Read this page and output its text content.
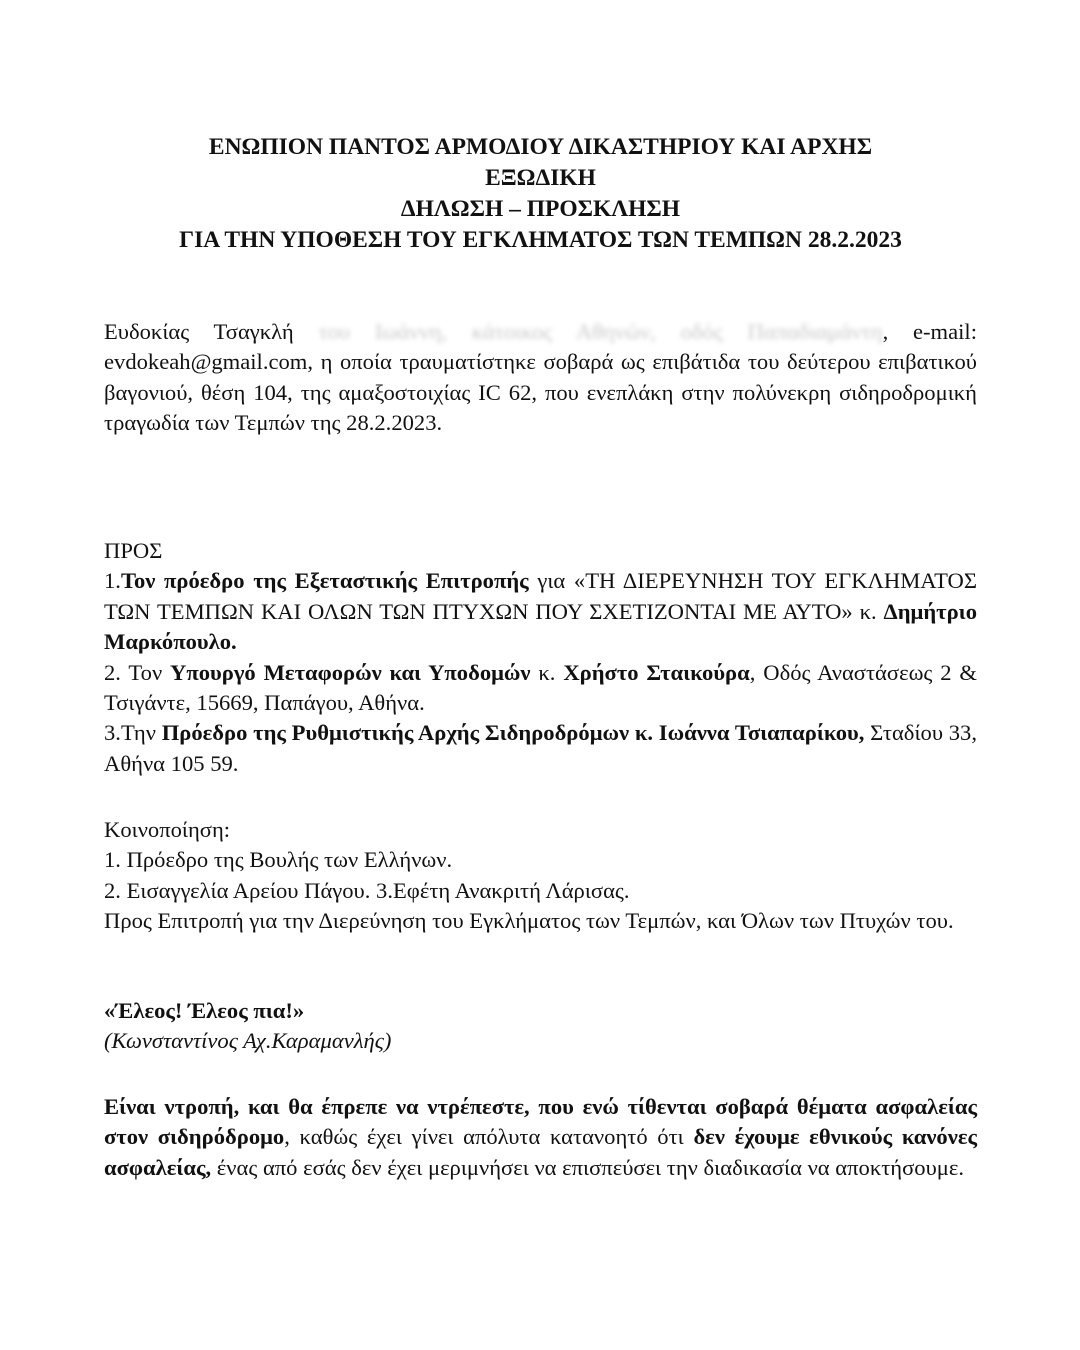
ΕΝΩΠΙΟΝ ΠΑΝΤΟΣ ΑΡΜΟΔΙΟΥ ΔΙΚΑΣΤΗΡΙΟΥ ΚΑΙ ΑΡΧΗΣ
ΕΞΩΔΙΚΗ
ΔΗΛΩΣΗ – ΠΡΟΣΚΛΗΣΗ
ΓΙΑ ΤΗΝ ΥΠΟΘΕΣΗ ΤΟΥ ΕΓΚΛΗΜΑΤΟΣ ΤΩΝ ΤΕΜΠΩΝ 28.2.2023

Ευδοκίας Τσαγκλή του Ιωάννη, κάτοικος Αθηνών, οδός Παπαδιαμάντη, e-mail: evdokeah@gmail.com, η οποία τραυματίστηκε σοβαρά ως επιβάτιδα του δεύτερου επιβατικού βαγονιού, θέση 104, της αμαξοστοιχίας IC 62, που ενεπλάκη στην πολύνεκρη σιδηροδρομική τραγωδία των Τεμπών της 28.2.2023.

ΠΡΟΣ

1.Τον πρόεδρο της Εξεταστικής Επιτροπής για «ΤΗ ΔΙΕΡΕΥΝΗΣΗ ΤΟΥ ΕΓΚΛΗΜΑΤΟΣ ΤΩΝ ΤΕΜΠΩΝ ΚΑΙ ΟΛΩΝ ΤΩΝ ΠΤΥΧΩΝ ΠΟΥ ΣΧΕΤΙΖΟΝΤΑΙ ΜΕ ΑΥΤΟ» κ. Δημήτριο Μαρκόπουλο.

2. Τον Υπουργό Μεταφορών και Υποδομών κ. Χρήστο Σταικούρα, Οδός Αναστάσεως 2 & Τσιγάντε, 15669, Παπάγου, Αθήνα.

3.Την Πρόεδρο της Ρυθμιστικής Αρχής Σιδηροδρόμων κ. Ιωάννα Τσιαπαρίκου, Σταδίου 33, Αθήνα 105 59.

Κοινοποίηση:

1. Πρόεδρο της Βουλής των Ελλήνων.

2. Εισαγγελία Αρείου Πάγου. 3.Εφέτη Ανακριτή Λάρισας.

Προς Επιτροπή για την Διερεύνηση του Εγκλήματος των Τεμπών, και Όλων των Πτυχών του.

«Έλεος! Έλεος πια!»

(Κωνσταντίνος Αχ.Καραμανλής)

Είναι ντροπή, και θα έπρεπε να ντρέπεστε, που ενώ τίθενται σοβαρά θέματα ασφαλείας στον σιδηρόδρομο, καθώς έχει γίνει απόλυτα κατανοητό ότι δεν έχουμε εθνικούς κανόνες ασφαλείας, ένας από εσάς δεν έχει μεριμνήσει να επισπεύσει την διαδικασία να αποκτήσουμε.
